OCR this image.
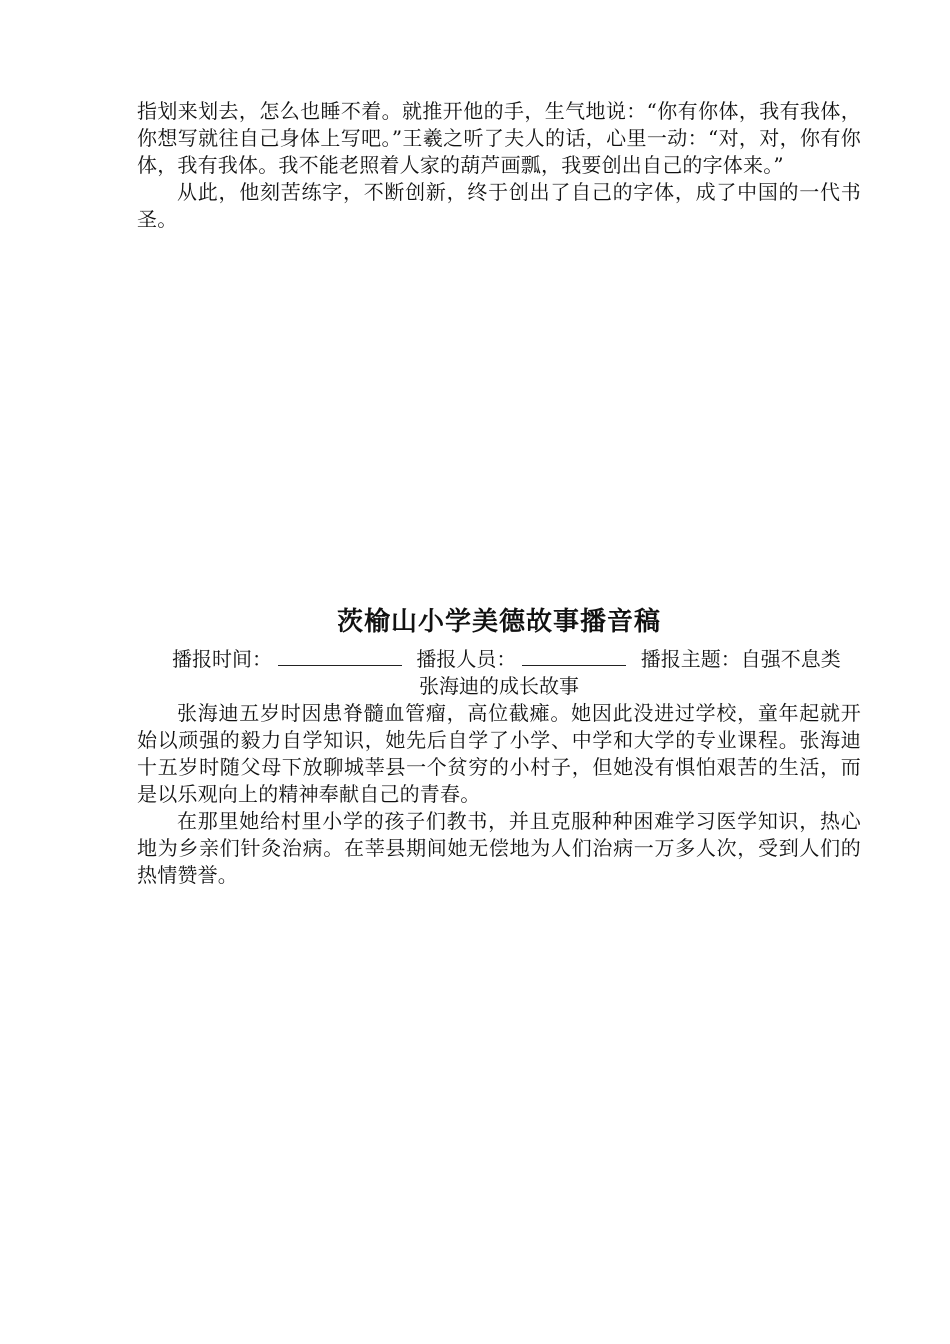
指划来划去，怎么也睡不着。就推开他的手，生气地说：“你有你体，我有我体，你想写就往自己身体上写吧。”王羲之听了夫人的话，心里一动：“对，对，你有你体，我有我体。我不能老照着人家的葫芦画瓢，我要创出自己的字体来。”

从此，他刻苦练字，不断创新，终于创出了自己的字体，成了中国的一代书圣。

茨榆山小学美德故事播音稿

播报时间：	播报人员：	播报主题：自强不息类

张海迪的成长故事

张海迪五岁时因患脊髓血管瘤，高位截瘫。她因此没进过学校，童年起就开始以顽强的毅力自学知识，她先后自学了小学、中学和大学的专业课程。张海迪十五岁时随父母下放聊城莘县一个贫穷的小村子，但她没有惧怕艰苦的生活，而是以乐观向上的精神奉献自己的青春。

在那里她给村里小学的孩子们教书，并且克服种种困难学习医学知识，热心地为乡亲们针灸治病。在莘县期间她无偿地为人们治病一万多人次，受到人们的热情赞誉。
